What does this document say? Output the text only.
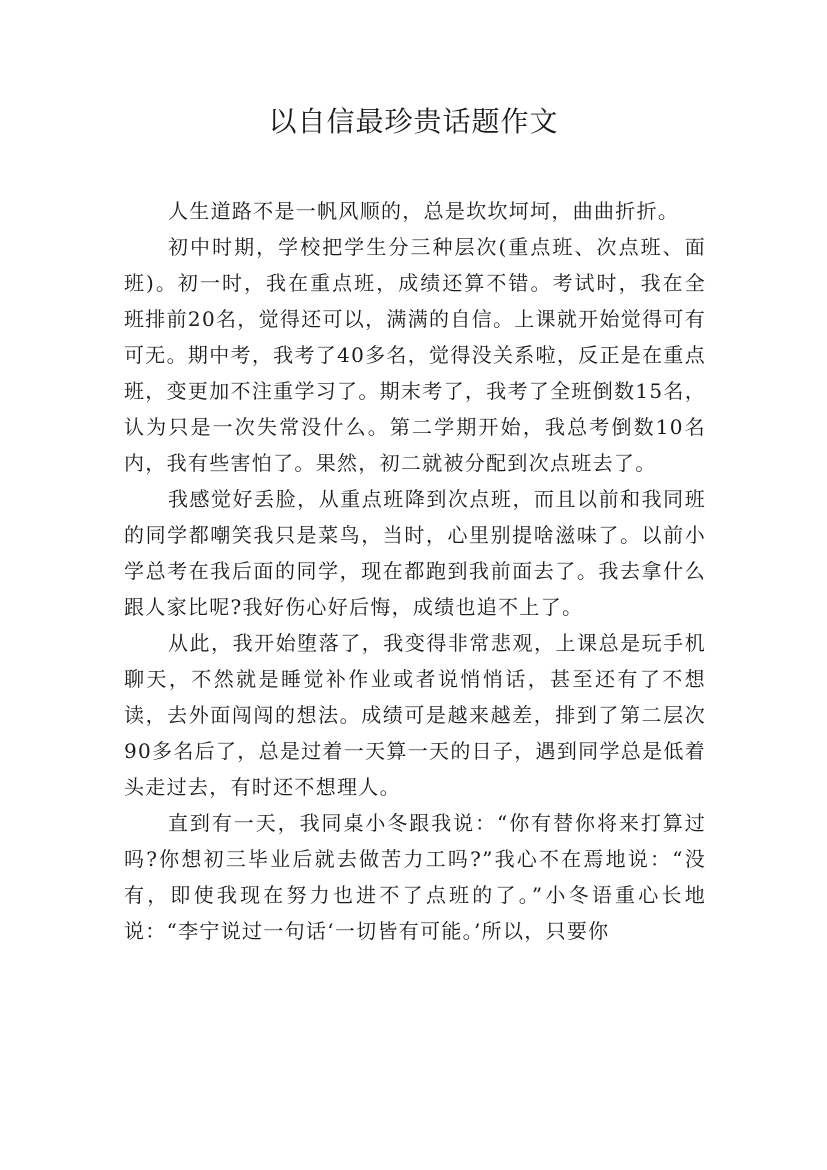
以自信最珍贵话题作文

人生道路不是一帆风顺的，总是坎坎坷坷，曲曲折折。

初中时期，学校把学生分三种层次(重点班、次点班、面班)。初一时，我在重点班，成绩还算不错。考试时，我在全班排前20名，觉得还可以，满满的自信。上课就开始觉得可有可无。期中考，我考了40多名，觉得没关系啦，反正是在重点班，变更加不注重学习了。期末考了，我考了全班倒数15名，认为只是一次失常没什么。第二学期开始，我总考倒数10名内，我有些害怕了。果然，初二就被分配到次点班去了。

我感觉好丢脸，从重点班降到次点班，而且以前和我同班的同学都嘲笑我只是菜鸟，当时，心里别提啥滋味了。以前小学总考在我后面的同学，现在都跑到我前面去了。我去拿什么跟人家比呢?我好伤心好后悔，成绩也追不上了。

从此，我开始堕落了，我变得非常悲观，上课总是玩手机聊天，不然就是睡觉补作业或者说悄悄话，甚至还有了不想读，去外面闯闯的想法。成绩可是越来越差，排到了第二层次90多名后了，总是过着一天算一天的日子，遇到同学总是低着头走过去，有时还不想理人。

直到有一天，我同桌小冬跟我说：“你有替你将来打算过吗?你想初三毕业后就去做苦力工吗?”我心不在焉地说：“没有，即使我现在努力也进不了点班的了。”小冬语重心长地说：“李宁说过一句话‘一切皆有可能。’所以，只要你
